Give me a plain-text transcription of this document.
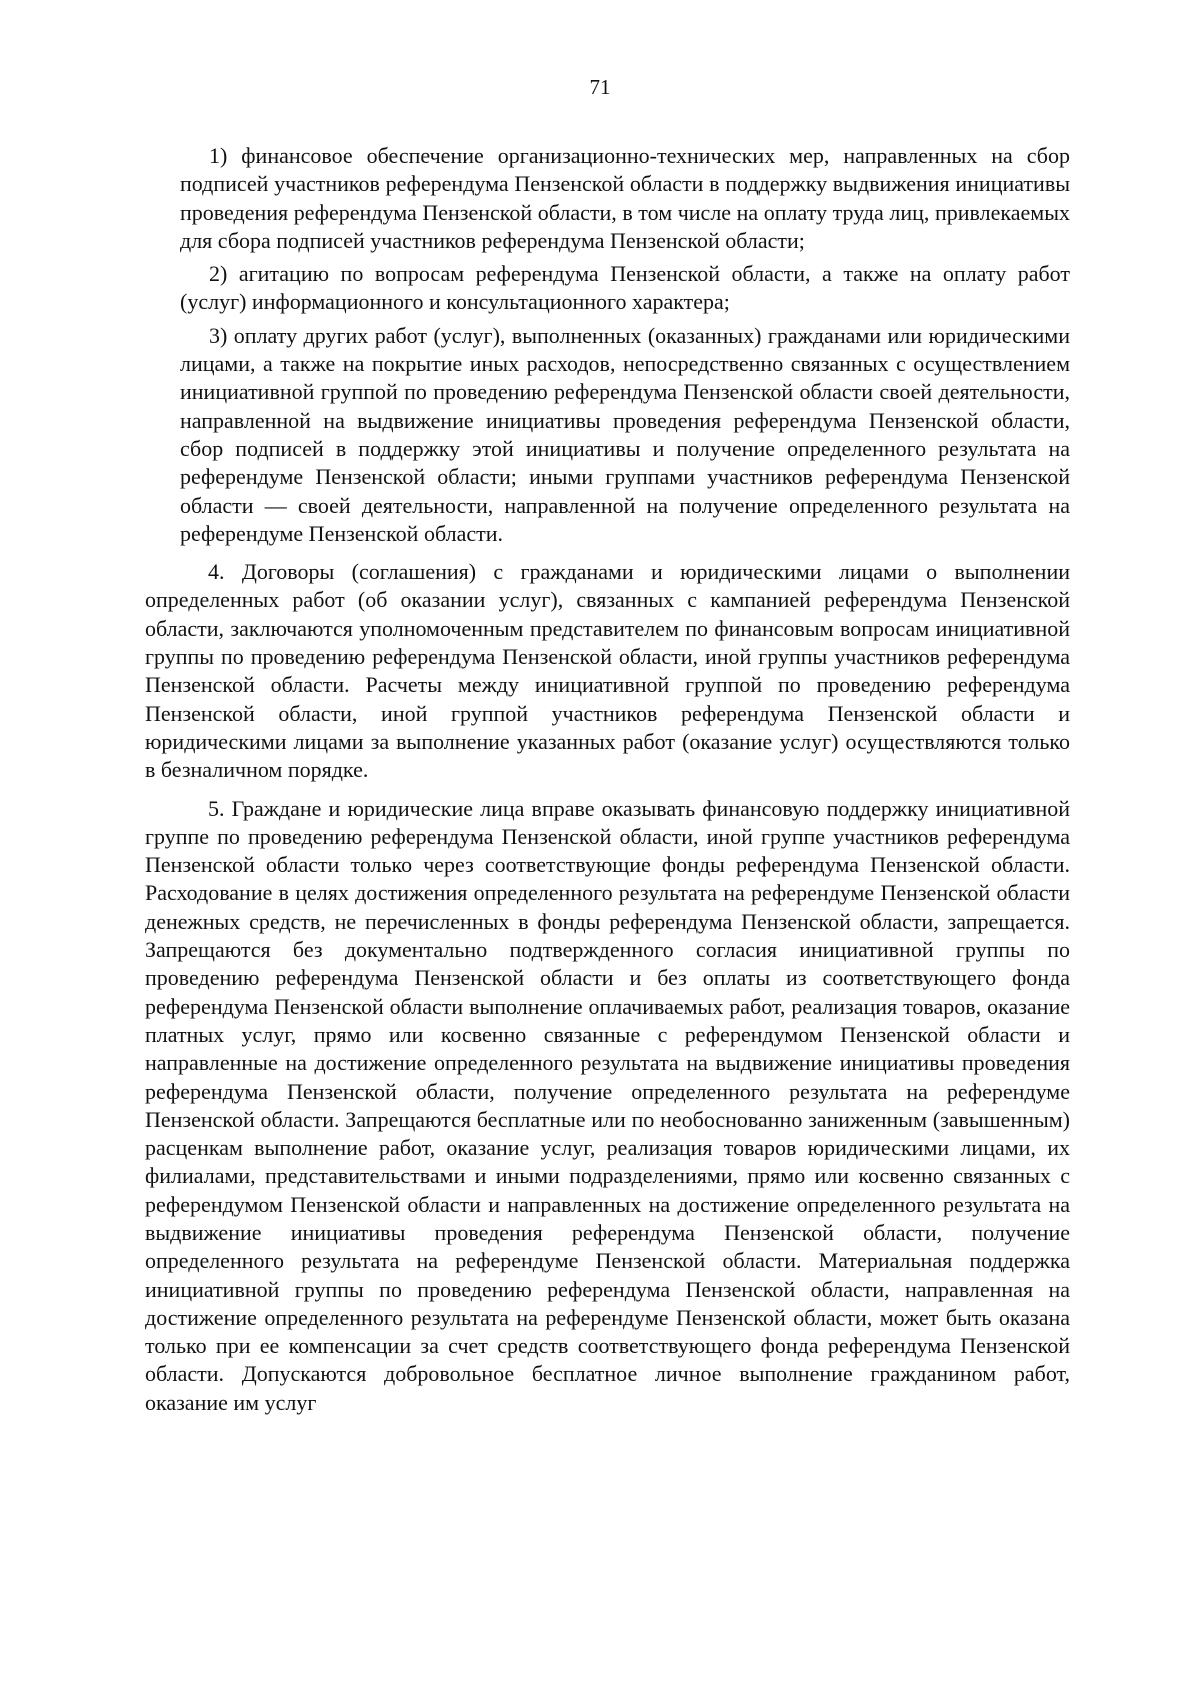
71

1) финансовое обеспечение организационно-технических мер, направленных на сбор подписей участников референдума Пензенской области в поддержку выдвижения инициативы проведения референдума Пензенской области, в том числе на оплату труда лиц, привлекаемых для сбора подписей участников референдума Пензенской области;

2) агитацию по вопросам референдума Пензенской области, а также на оплату работ (услуг) информационного и консультационного характера;

3) оплату других работ (услуг), выполненных (оказанных) гражданами или юридическими лицами, а также на покрытие иных расходов, непосредственно связанных с осуществлением инициативной группой по проведению референдума Пензенской области своей деятельности, направленной на выдвижение инициативы проведения референдума Пензенской области, сбор подписей в поддержку этой инициативы и получение определенного результата на референдуме Пензенской области; иными группами участников референдума Пензенской области — своей деятельности, направленной на получение определенного результата на референдуме Пензенской области.

4. Договоры (соглашения) с гражданами и юридическими лицами о выполнении определенных работ (об оказании услуг), связанных с кампанией референдума Пензенской области, заключаются уполномоченным представителем по финансовым вопросам инициативной группы по проведению референдума Пензенской области, иной группы участников референдума Пензенской области. Расчеты между инициативной группой по проведению референдума Пензенской области, иной группой участников референдума Пензенской области и юридическими лицами за выполнение указанных работ (оказание услуг) осуществляются только в безналичном порядке.

5. Граждане и юридические лица вправе оказывать финансовую поддержку инициативной группе по проведению референдума Пензенской области, иной группе участников референдума Пензенской области только через соответствующие фонды референдума Пензенской области. Расходование в целях достижения определенного результата на референдуме Пензенской области денежных средств, не перечисленных в фонды референдума Пензенской области, запрещается. Запрещаются без документально подтвержденного согласия инициативной группы по проведению референдума Пензенской области и без оплаты из соответствующего фонда референдума Пензенской области выполнение оплачиваемых работ, реализация товаров, оказание платных услуг, прямо или косвенно связанные с референдумом Пензенской области и направленные на достижение определенного результата на выдвижение инициативы проведения референдума Пензенской области, получение определенного результата на референдуме Пензенской области. Запрещаются бесплатные или по необоснованно заниженным (завышенным) расценкам выполнение работ, оказание услуг, реализация товаров юридическими лицами, их филиалами, представительствами и иными подразделениями, прямо или косвенно связанных с референдумом Пензенской области и направленных на достижение определенного результата на выдвижение инициативы проведения референдума Пензенской области, получение определенного результата на референдуме Пензенской области. Материальная поддержка инициативной группы по проведению референдума Пензенской области, направленная на достижение определенного результата на референдуме Пензенской области, может быть оказана только при ее компенсации за счет средств соответствующего фонда референдума Пензенской области. Допускаются добровольное бесплатное личное выполнение гражданином работ, оказание им услуг
